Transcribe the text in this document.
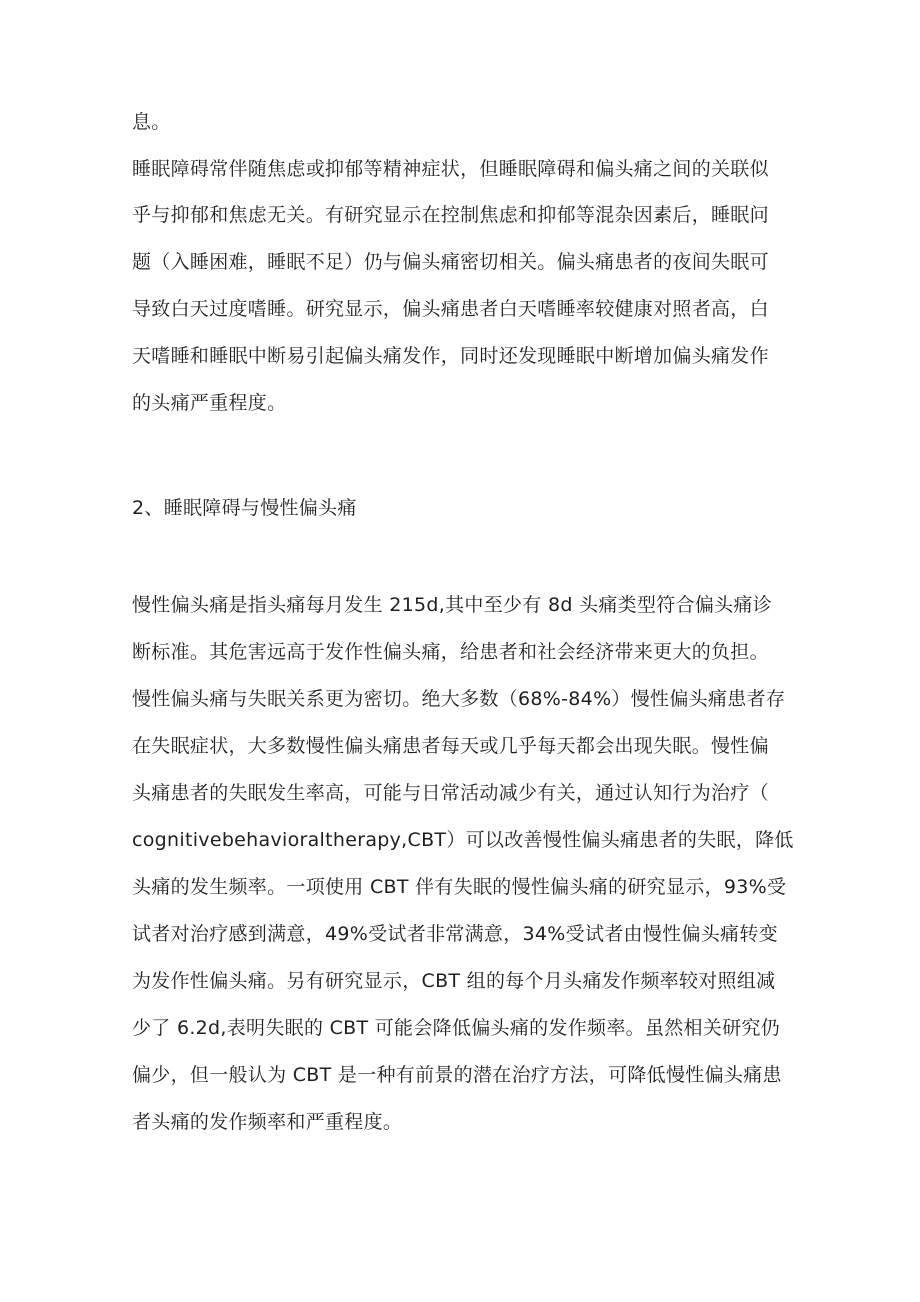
息。

睡眠障碍常伴随焦虑或抑郁等精神症状，但睡眠障碍和偏头痛之间的关联似

乎与抑郁和焦虑无关。有研究显示在控制焦虑和抑郁等混杂因素后，睡眠问

题（入睡困难，睡眠不足）仍与偏头痛密切相关。偏头痛患者的夜间失眠可

导致白天过度嗜睡。研究显示，偏头痛患者白天嗜睡率较健康对照者高，白

天嗜睡和睡眠中断易引起偏头痛发作，同时还发现睡眠中断增加偏头痛发作

的头痛严重程度。

2、睡眠障碍与慢性偏头痛

慢性偏头痛是指头痛每月发生 215d,其中至少有 8d 头痛类型符合偏头痛诊

断标准。其危害远高于发作性偏头痛，给患者和社会经济带来更大的负担。

慢性偏头痛与失眠关系更为密切。绝大多数（68%-84%）慢性偏头痛患者存

在失眠症状，大多数慢性偏头痛患者每天或几乎每天都会出现失眠。慢性偏

头痛患者的失眠发生率高，可能与日常活动减少有关，通过认知行为治疗（

cognitivebehavioraltherapy,CBT）可以改善慢性偏头痛患者的失眠，降低

头痛的发生频率。一项使用 CBT 伴有失眠的慢性偏头痛的研究显示，93%受

试者对治疗感到满意，49%受试者非常满意，34%受试者由慢性偏头痛转变

为发作性偏头痛。另有研究显示，CBT 组的每个月头痛发作频率较对照组减

少了 6.2d,表明失眠的 CBT 可能会降低偏头痛的发作频率。虽然相关研究仍

偏少，但一般认为 CBT 是一种有前景的潜在治疗方法，可降低慢性偏头痛患

者头痛的发作频率和严重程度。
